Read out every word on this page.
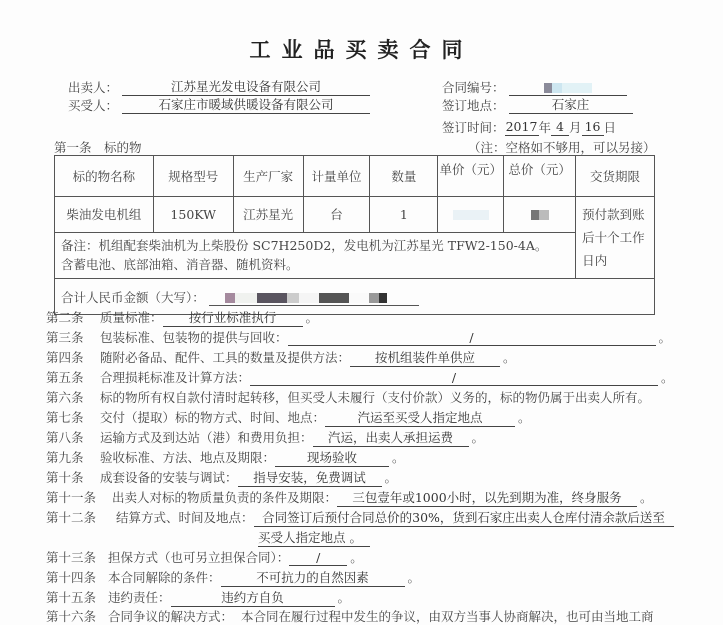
工业品买卖合同
出卖人：	江苏星光发电设备有限公司
买受人：	石家庄市暖域供暖设备有限公司
合同编号：
签订地点：	石家庄
签订时间：2017年 4 月 16 日
第一条　标的物	（注：空格如不够用，可以另接）
标的物名称	规格型号	生产厂家	计量单位	数量	单价（元）	总价（元）	交货期限
柴油发电机组	150KW	江苏星光	台	1			预付款到账后十个工作日内

备注：机组配套柴油机为上柴股份 SC7H250D2，发电机为江苏星光 TFW2-150-4A。
含蓄电池、底部油箱、消音器、随机资料。							

合计人民币金额（大写）：							
第二条 质量标准： 按行业标准执行 。
第三条 包装标准、包装物的提供与回收：	/	。
第四条 随附必备品、配件、工具的数量及提供方法： 按机组装件单供应 。
第五条 合理损耗标准及计算方法：	/	。
第六条 标的物所有权自款付清时起转移，但买受人未履行（支付价款）义务的，标的物仍属于出卖人所有。
第七条 交付（提取）标的物方式、时间、地点：	汽运至买受人指定地点	。
第八条 运输方式及到达站（港）和费用负担： 汽运，出卖人承担运费 。
第九条 验收标准、方法、地点及期限：	现场验收	。
第十条 成套设备的安装与调试： 指导安装，免费调试 。
第十一条 出卖人对标的物质量负责的条件及期限： 三包壹年或1000小时，以先到期为准，终身服务 。
第十二条 结算方式、时间及地点： 合同签订后预付合同总价的30%，货到石家庄出卖人仓库付清余款后送至
买受人指定地点 。
第十三条 担保方式（也可另立担保合同）： / 。
第十四条 本合同解除的条件：	不可抗力的自然因素	。
第十五条 违约责任：	违约方自负	。
第十六条 合同争议的解决方式： 本合同在履行过程中发生的争议，由双方当事人协商解决，也可由当地工商
